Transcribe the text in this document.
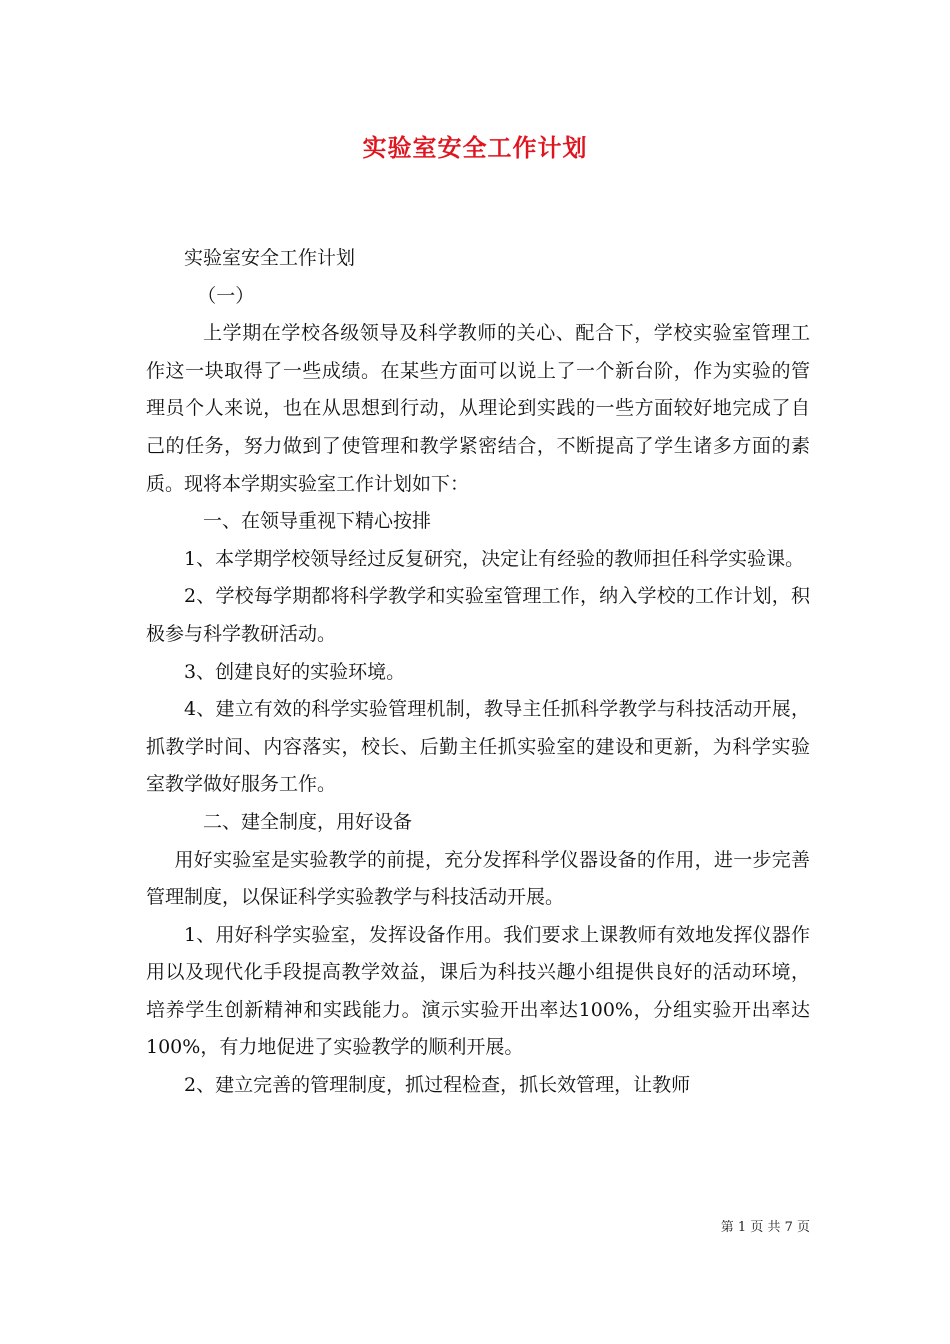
实验室安全工作计划

实验室安全工作计划

（一）

上学期在学校各级领导及科学教师的关心、配合下，学校实验室管理工作这一块取得了一些成绩。在某些方面可以说上了一个新台阶，作为实验的管理员个人来说，也在从思想到行动，从理论到实践的一些方面较好地完成了自己的任务，努力做到了使管理和教学紧密结合，不断提高了学生诸多方面的素质。现将本学期实验室工作计划如下：

一、在领导重视下精心按排

1、本学期学校领导经过反复研究，决定让有经验的教师担任科学实验课。

2、学校每学期都将科学教学和实验室管理工作，纳入学校的工作计划，积极参与科学教研活动。

3、创建良好的实验环境。

4、建立有效的科学实验管理机制，教导主任抓科学教学与科技活动开展，抓教学时间、内容落实，校长、后勤主任抓实验室的建设和更新，为科学实验室教学做好服务工作。

二、建全制度，用好设备

用好实验室是实验教学的前提，充分发挥科学仪器设备的作用，进一步完善管理制度，以保证科学实验教学与科技活动开展。

1、用好科学实验室，发挥设备作用。我们要求上课教师有效地发挥仪器作用以及现代化手段提高教学效益，课后为科技兴趣小组提供良好的活动环境，培养学生创新精神和实践能力。演示实验开出率达100%，分组实验开出率达100%，有力地促进了实验教学的顺利开展。

2、建立完善的管理制度，抓过程检查，抓长效管理，让教师

第 1 页 共 7 页
